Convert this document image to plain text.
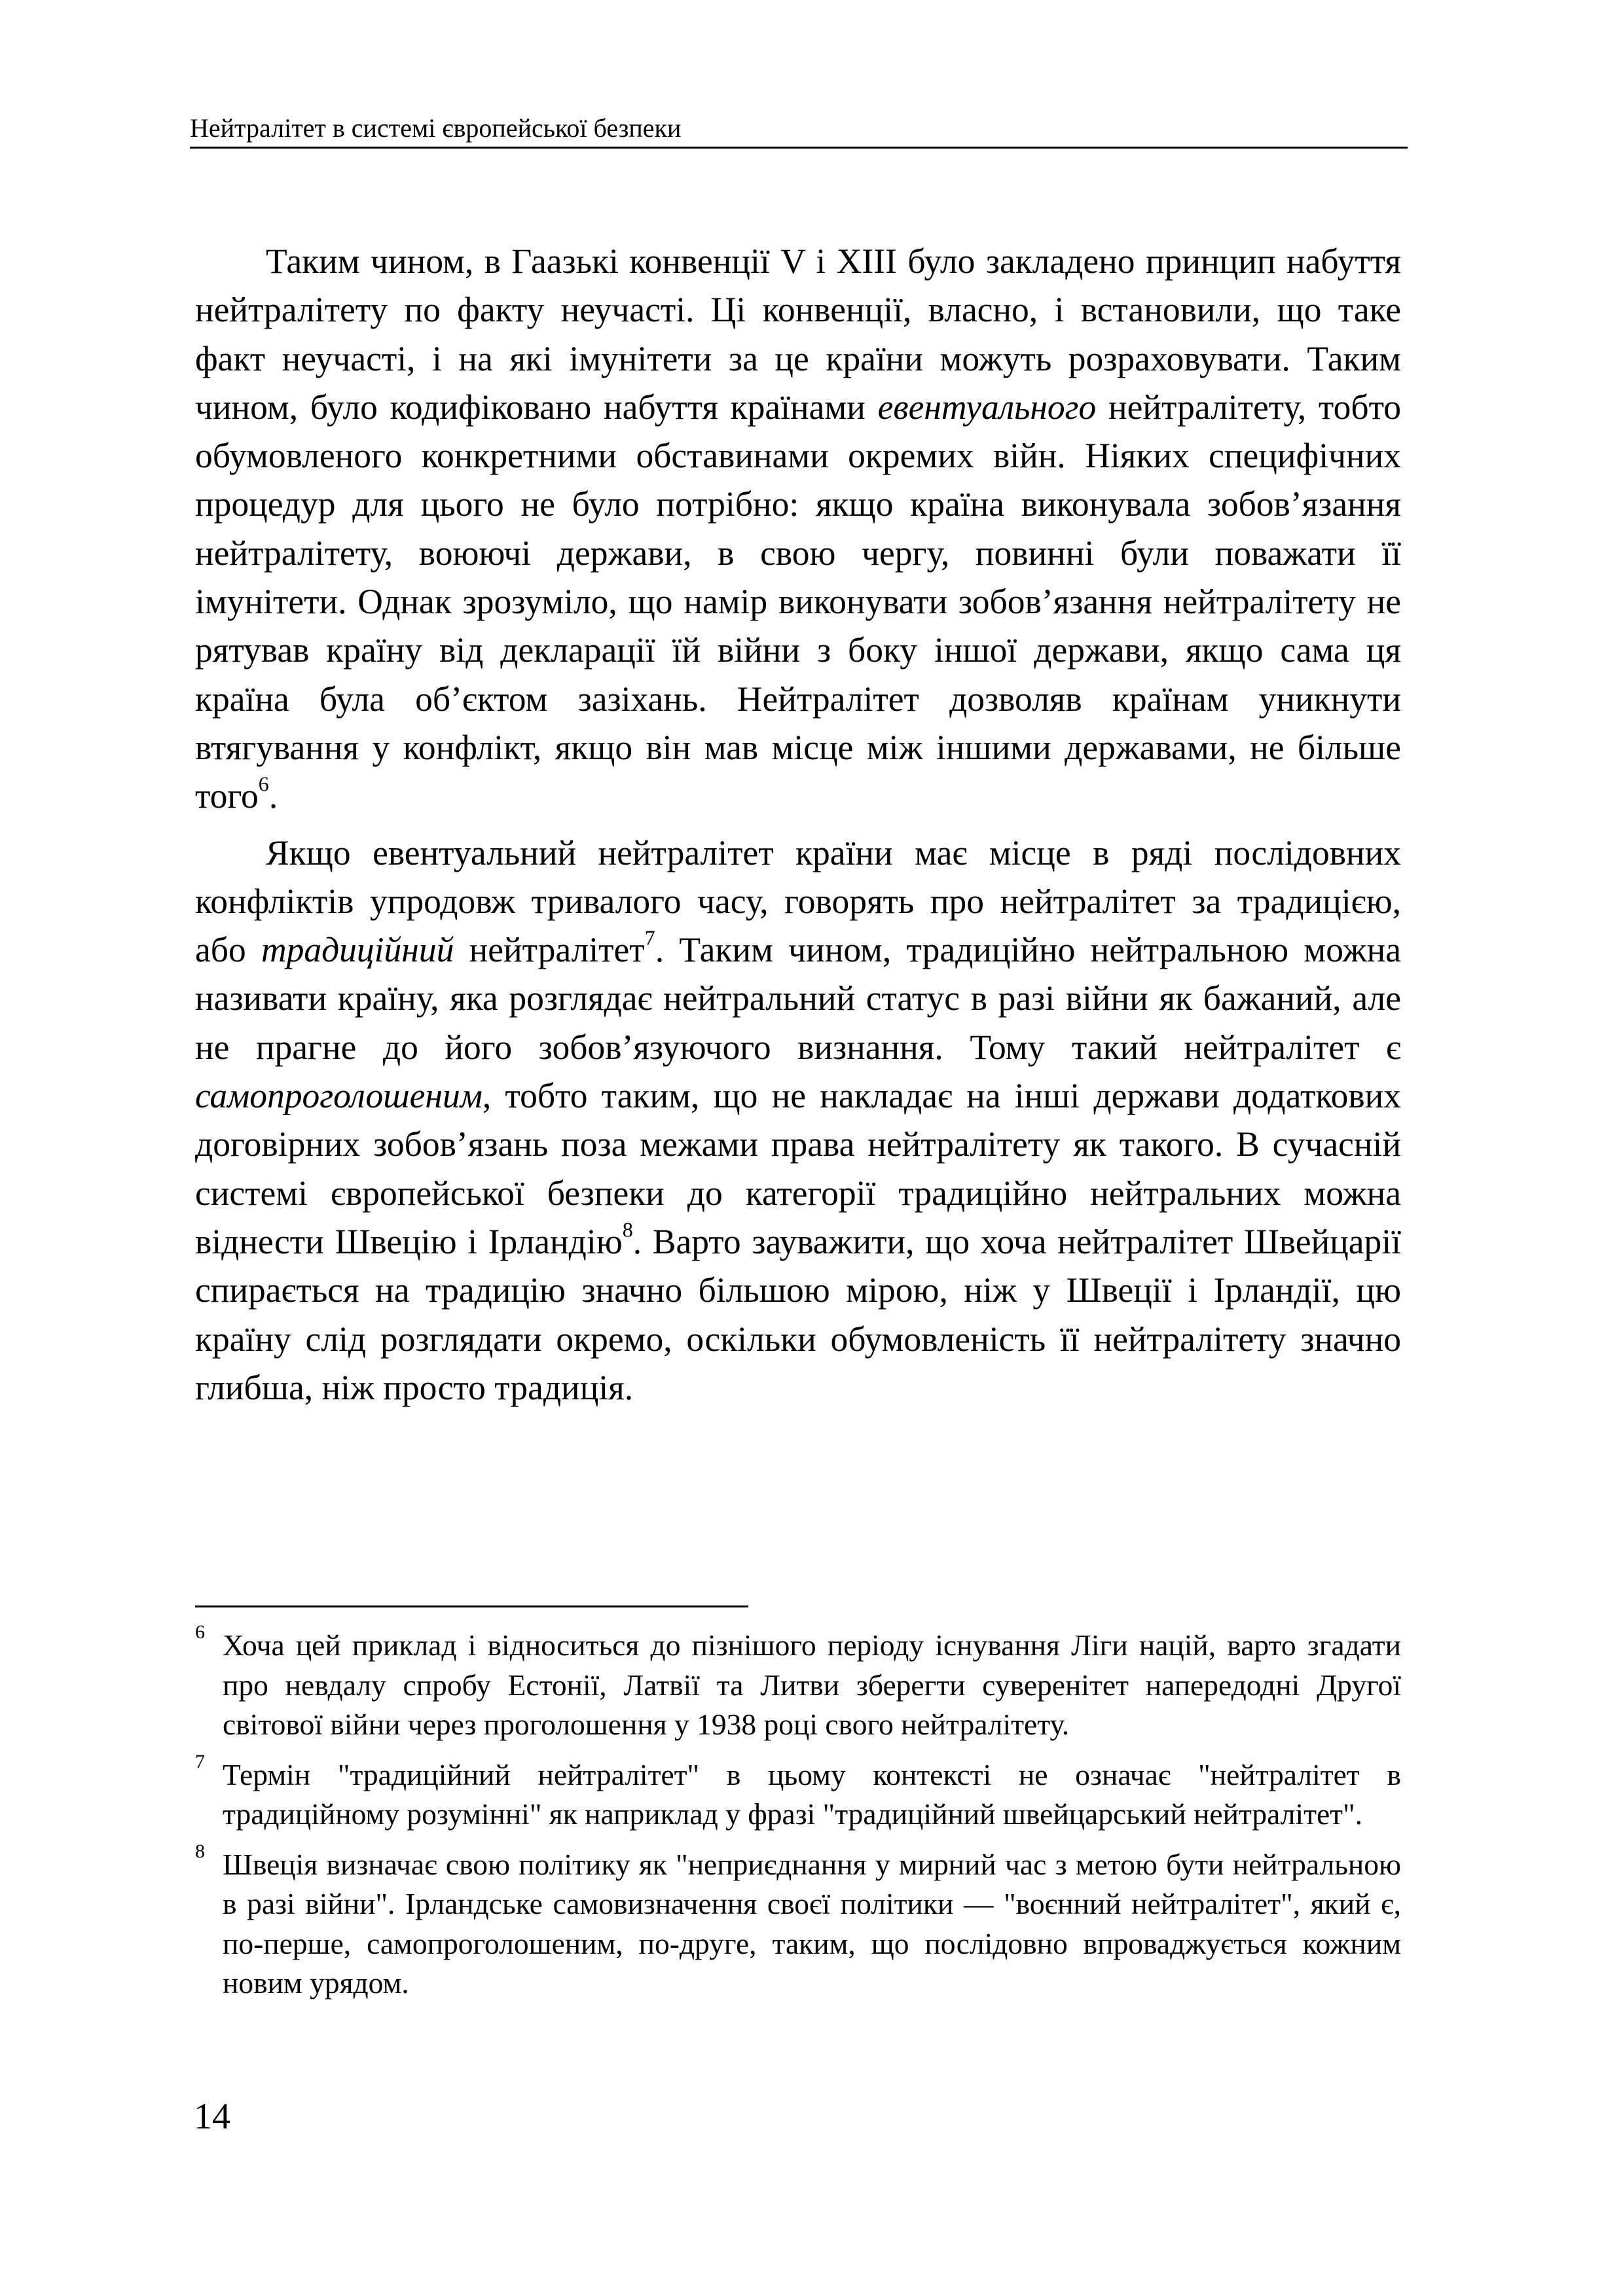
Нейтралітет в системі європейської безпеки

Таким чином, в Гаазькі конвенції V і XIII було закладено принцип набуття нейтралітету по факту неучасті. Ці конвенції, власно, і встановили, що таке факт неучасті, і на які імунітети за це країни можуть розраховувати. Таким чином, було кодифіковано набуття країнами евентуального нейтралітету, тобто обумовленого конкретними обставинами окремих війн. Ніяких специфічних процедур для цього не було потрібно: якщо країна виконувала зобов’язання нейтралітету, воюючі держави, в свою чергу, повинні були поважати її імунітети. Однак зрозуміло, що намір виконувати зобов’язання нейтралітету не рятував країну від декларації їй війни з боку іншої держави, якщо сама ця країна була об’єктом зазіхань. Нейтралітет дозволяв країнам уникнути втягування у конфлікт, якщо він мав місце між іншими державами, не більше того$^6$.

Якщо евентуальний нейтралітет країни має місце в ряді послідовних конфліктів упродовж тривалого часу, говорять про нейтралітет за традицією, або традиційний нейтралітет$^7$. Таким чином, традиційно нейтральною можна називати країну, яка розглядає нейтральний статус в разі війни як бажаний, але не прагне до його зобов’язуючого визнання. Тому такий нейтралітет є самопроголошеним, тобто таким, що не накладає на інші держави додаткових договірних зобов’язань поза межами права нейтралітету як такого. В сучасній системі європейської безпеки до категорії традиційно нейтральних можна віднести Швецію і Ірландію$^8$. Варто зауважити, що хоча нейтралітет Швейцарії спирається на традицію значно більшою мірою, ніж у Швеції і Ірландії, цю країну слід розглядати окремо, оскільки обумовленість її нейтралітету значно глибша, ніж просто традиція.

6 Хоча цей приклад і відноситься до пізнішого періоду існування Ліги націй, варто згадати про невдалу спробу Естонії, Латвії та Литви зберегти суверенітет напередодні Другої світової війни через проголошення у 1938 році свого нейтралітету.
7 Термін "традиційний нейтралітет" в цьому контексті не означає "нейтралітет в традиційному розумінні" як наприклад у фразі "традиційний швейцарський нейтралітет".
8 Швеція визначає свою політику як "неприєднання у мирний час з метою бути нейтральною в разі війни". Ірландське самовизначення своєї політики — "воєнний нейтралітет", який є, по-перше, самопроголошеним, по-друге, таким, що послідовно впроваджується кожним новим урядом.
14
